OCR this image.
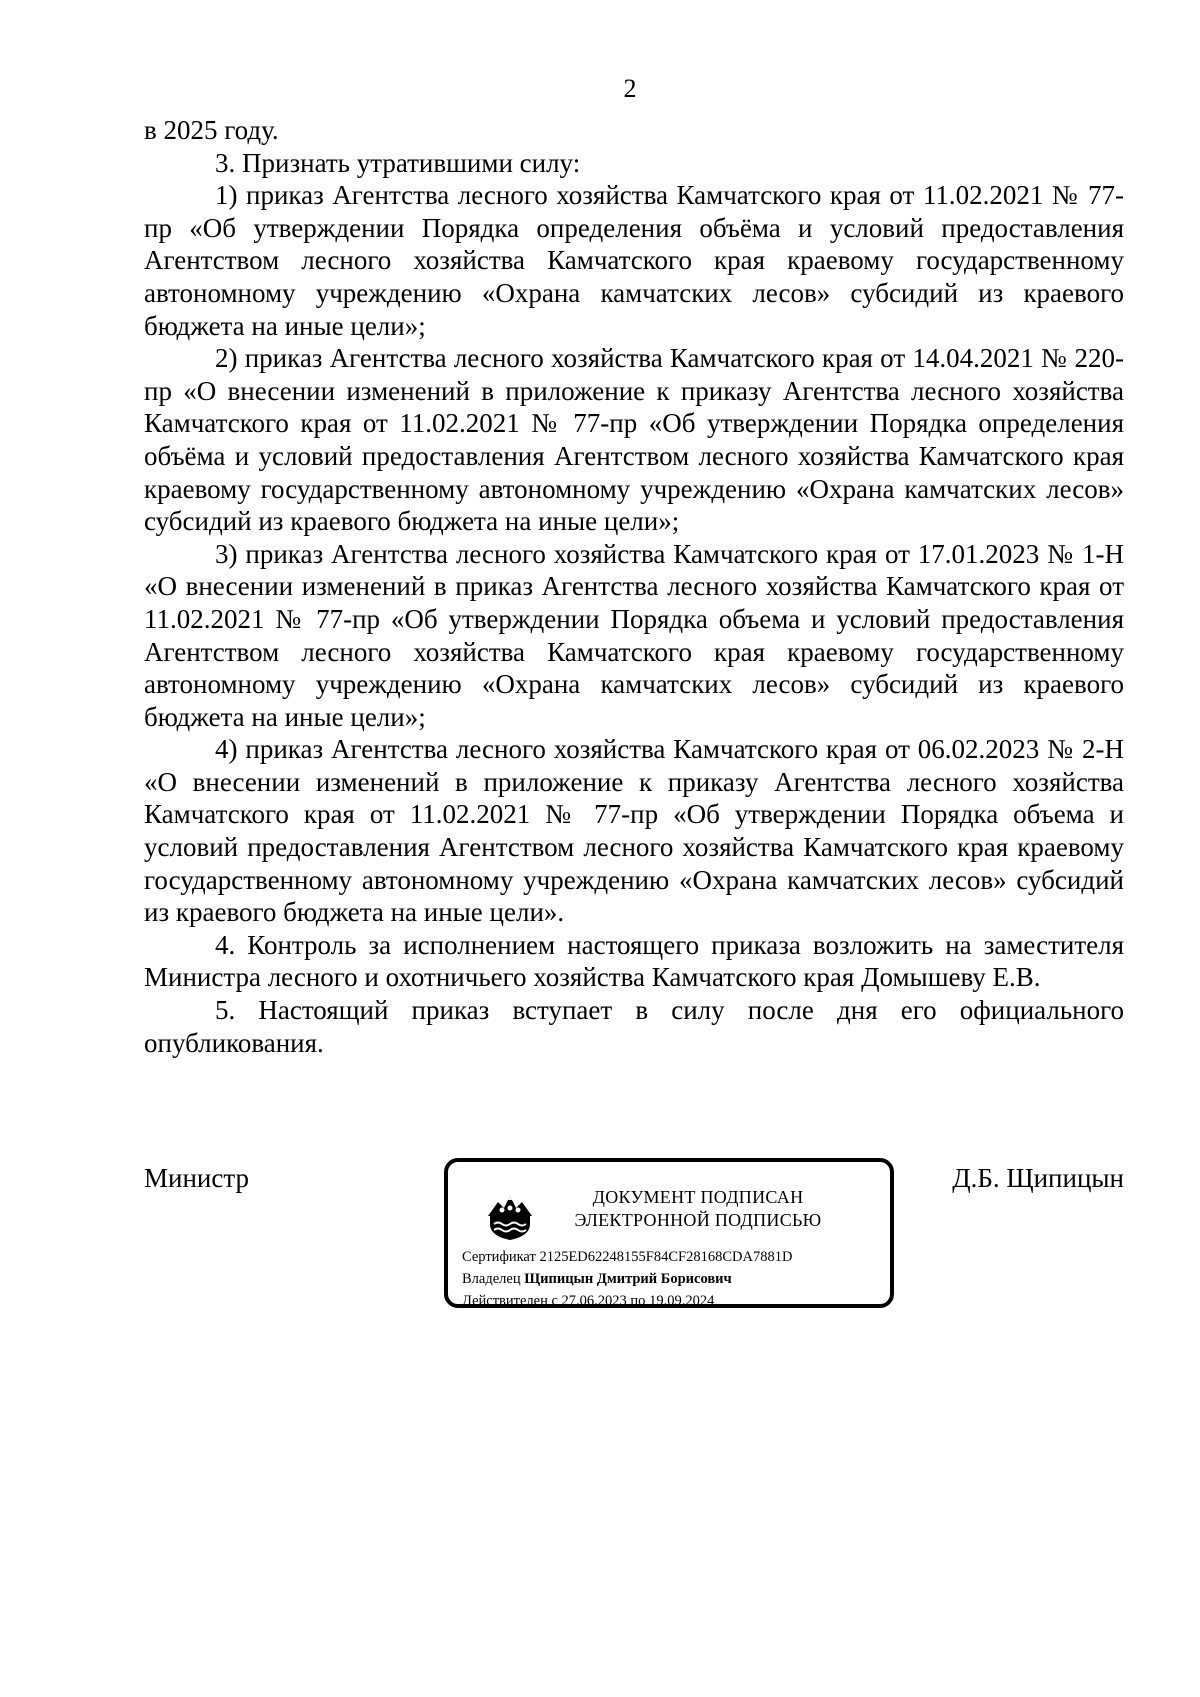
2

в 2025 году.

3. Признать утратившими силу:

1) приказ Агентства лесного хозяйства Камчатского края от 11.02.2021 № 77-пр «Об утверждении Порядка определения объёма и условий предоставления Агентством лесного хозяйства Камчатского края краевому государственному автономному учреждению «Охрана камчатских лесов» субсидий из краевого бюджета на иные цели»;

2) приказ Агентства лесного хозяйства Камчатского края от 14.04.2021 № 220-пр «О внесении изменений в приложение к приказу Агентства лесного хозяйства Камчатского края от 11.02.2021 № 77-пр «Об утверждении Порядка определения объёма и условий предоставления Агентством лесного хозяйства Камчатского края краевому государственному автономному учреждению «Охрана камчатских лесов» субсидий из краевого бюджета на иные цели»;

3) приказ Агентства лесного хозяйства Камчатского края от 17.01.2023 № 1-Н «О внесении изменений в приказ Агентства лесного хозяйства Камчатского края от 11.02.2021 № 77-пр «Об утверждении Порядка объема и условий предоставления Агентством лесного хозяйства Камчатского края краевому государственному автономному учреждению «Охрана камчатских лесов» субсидий из краевого бюджета на иные цели»;

4) приказ Агентства лесного хозяйства Камчатского края от 06.02.2023 № 2-Н «О внесении изменений в приложение к приказу Агентства лесного хозяйства Камчатского края от 11.02.2021 № 77-пр «Об утверждении Порядка объема и условий предоставления Агентством лесного хозяйства Камчатского края краевому государственному автономному учреждению «Охрана камчатских лесов» субсидий из краевого бюджета на иные цели».

4. Контроль за исполнением настоящего приказа возложить на заместителя Министра лесного и охотничьего хозяйства Камчатского края Домышеву Е.В.

5. Настоящий приказ вступает в силу после дня его официального опубликования.

Министр
ДОКУМЕНТ ПОДПИСАН
ЭЛЕКТРОННОЙ ПОДПИСЬЮ
Сертификат 2125ED62248155F84CF28168CDA7881D
Владелец Щипицын Дмитрий Борисович
Действителен с 27.06.2023 по 19.09.2024
Д.Б. Щипицын
